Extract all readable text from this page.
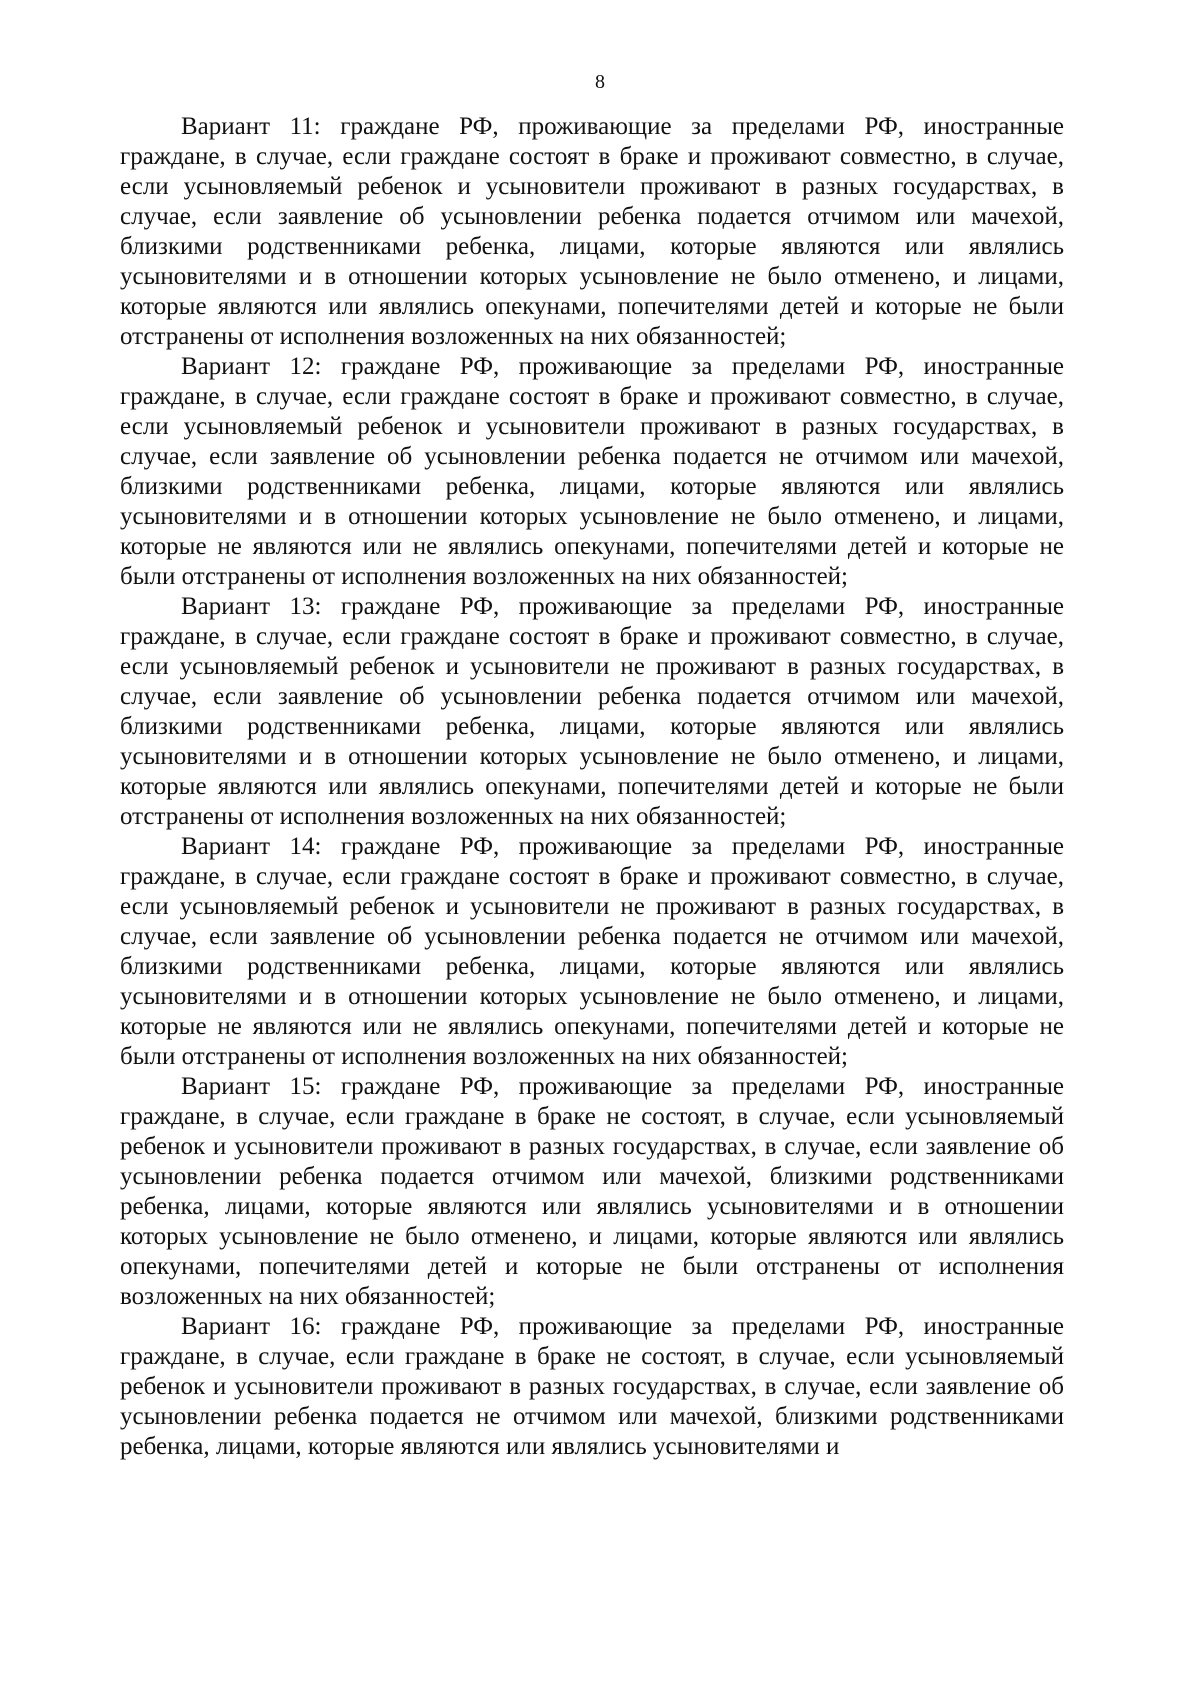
8

Вариант 11: граждане РФ, проживающие за пределами РФ, иностранные граждане, в случае, если граждане состоят в браке и проживают совместно, в случае, если усыновляемый ребенок и усыновители проживают в разных государствах, в случае, если заявление об усыновлении ребенка подается отчимом или мачехой, близкими родственниками ребенка, лицами, которые являются или являлись усыновителями и в отношении которых усыновление не было отменено, и лицами, которые являются или являлись опекунами, попечителями детей и которые не были отстранены от исполнения возложенных на них обязанностей;

Вариант 12: граждане РФ, проживающие за пределами РФ, иностранные граждане, в случае, если граждане состоят в браке и проживают совместно, в случае, если усыновляемый ребенок и усыновители проживают в разных государствах, в случае, если заявление об усыновлении ребенка подается не отчимом или мачехой, близкими родственниками ребенка, лицами, которые являются или являлись усыновителями и в отношении которых усыновление не было отменено, и лицами, которые не являются или не являлись опекунами, попечителями детей и которые не были отстранены от исполнения возложенных на них обязанностей;

Вариант 13: граждане РФ, проживающие за пределами РФ, иностранные граждане, в случае, если граждане состоят в браке и проживают совместно, в случае, если усыновляемый ребенок и усыновители не проживают в разных государствах, в случае, если заявление об усыновлении ребенка подается отчимом или мачехой, близкими родственниками ребенка, лицами, которые являются или являлись усыновителями и в отношении которых усыновление не было отменено, и лицами, которые являются или являлись опекунами, попечителями детей и которые не были отстранены от исполнения возложенных на них обязанностей;

Вариант 14: граждане РФ, проживающие за пределами РФ, иностранные граждане, в случае, если граждане состоят в браке и проживают совместно, в случае, если усыновляемый ребенок и усыновители не проживают в разных государствах, в случае, если заявление об усыновлении ребенка подается не отчимом или мачехой, близкими родственниками ребенка, лицами, которые являются или являлись усыновителями и в отношении которых усыновление не было отменено, и лицами, которые не являются или не являлись опекунами, попечителями детей и которые не были отстранены от исполнения возложенных на них обязанностей;

Вариант 15: граждане РФ, проживающие за пределами РФ, иностранные граждане, в случае, если граждане в браке не состоят, в случае, если усыновляемый ребенок и усыновители проживают в разных государствах, в случае, если заявление об усыновлении ребенка подается отчимом или мачехой, близкими родственниками ребенка, лицами, которые являются или являлись усыновителями и в отношении которых усыновление не было отменено, и лицами, которые являются или являлись опекунами, попечителями детей и которые не были отстранены от исполнения возложенных на них обязанностей;

Вариант 16: граждане РФ, проживающие за пределами РФ, иностранные граждане, в случае, если граждане в браке не состоят, в случае, если усыновляемый ребенок и усыновители проживают в разных государствах, в случае, если заявление об усыновлении ребенка подается не отчимом или мачехой, близкими родственниками ребенка, лицами, которые являются или являлись усыновителями и
